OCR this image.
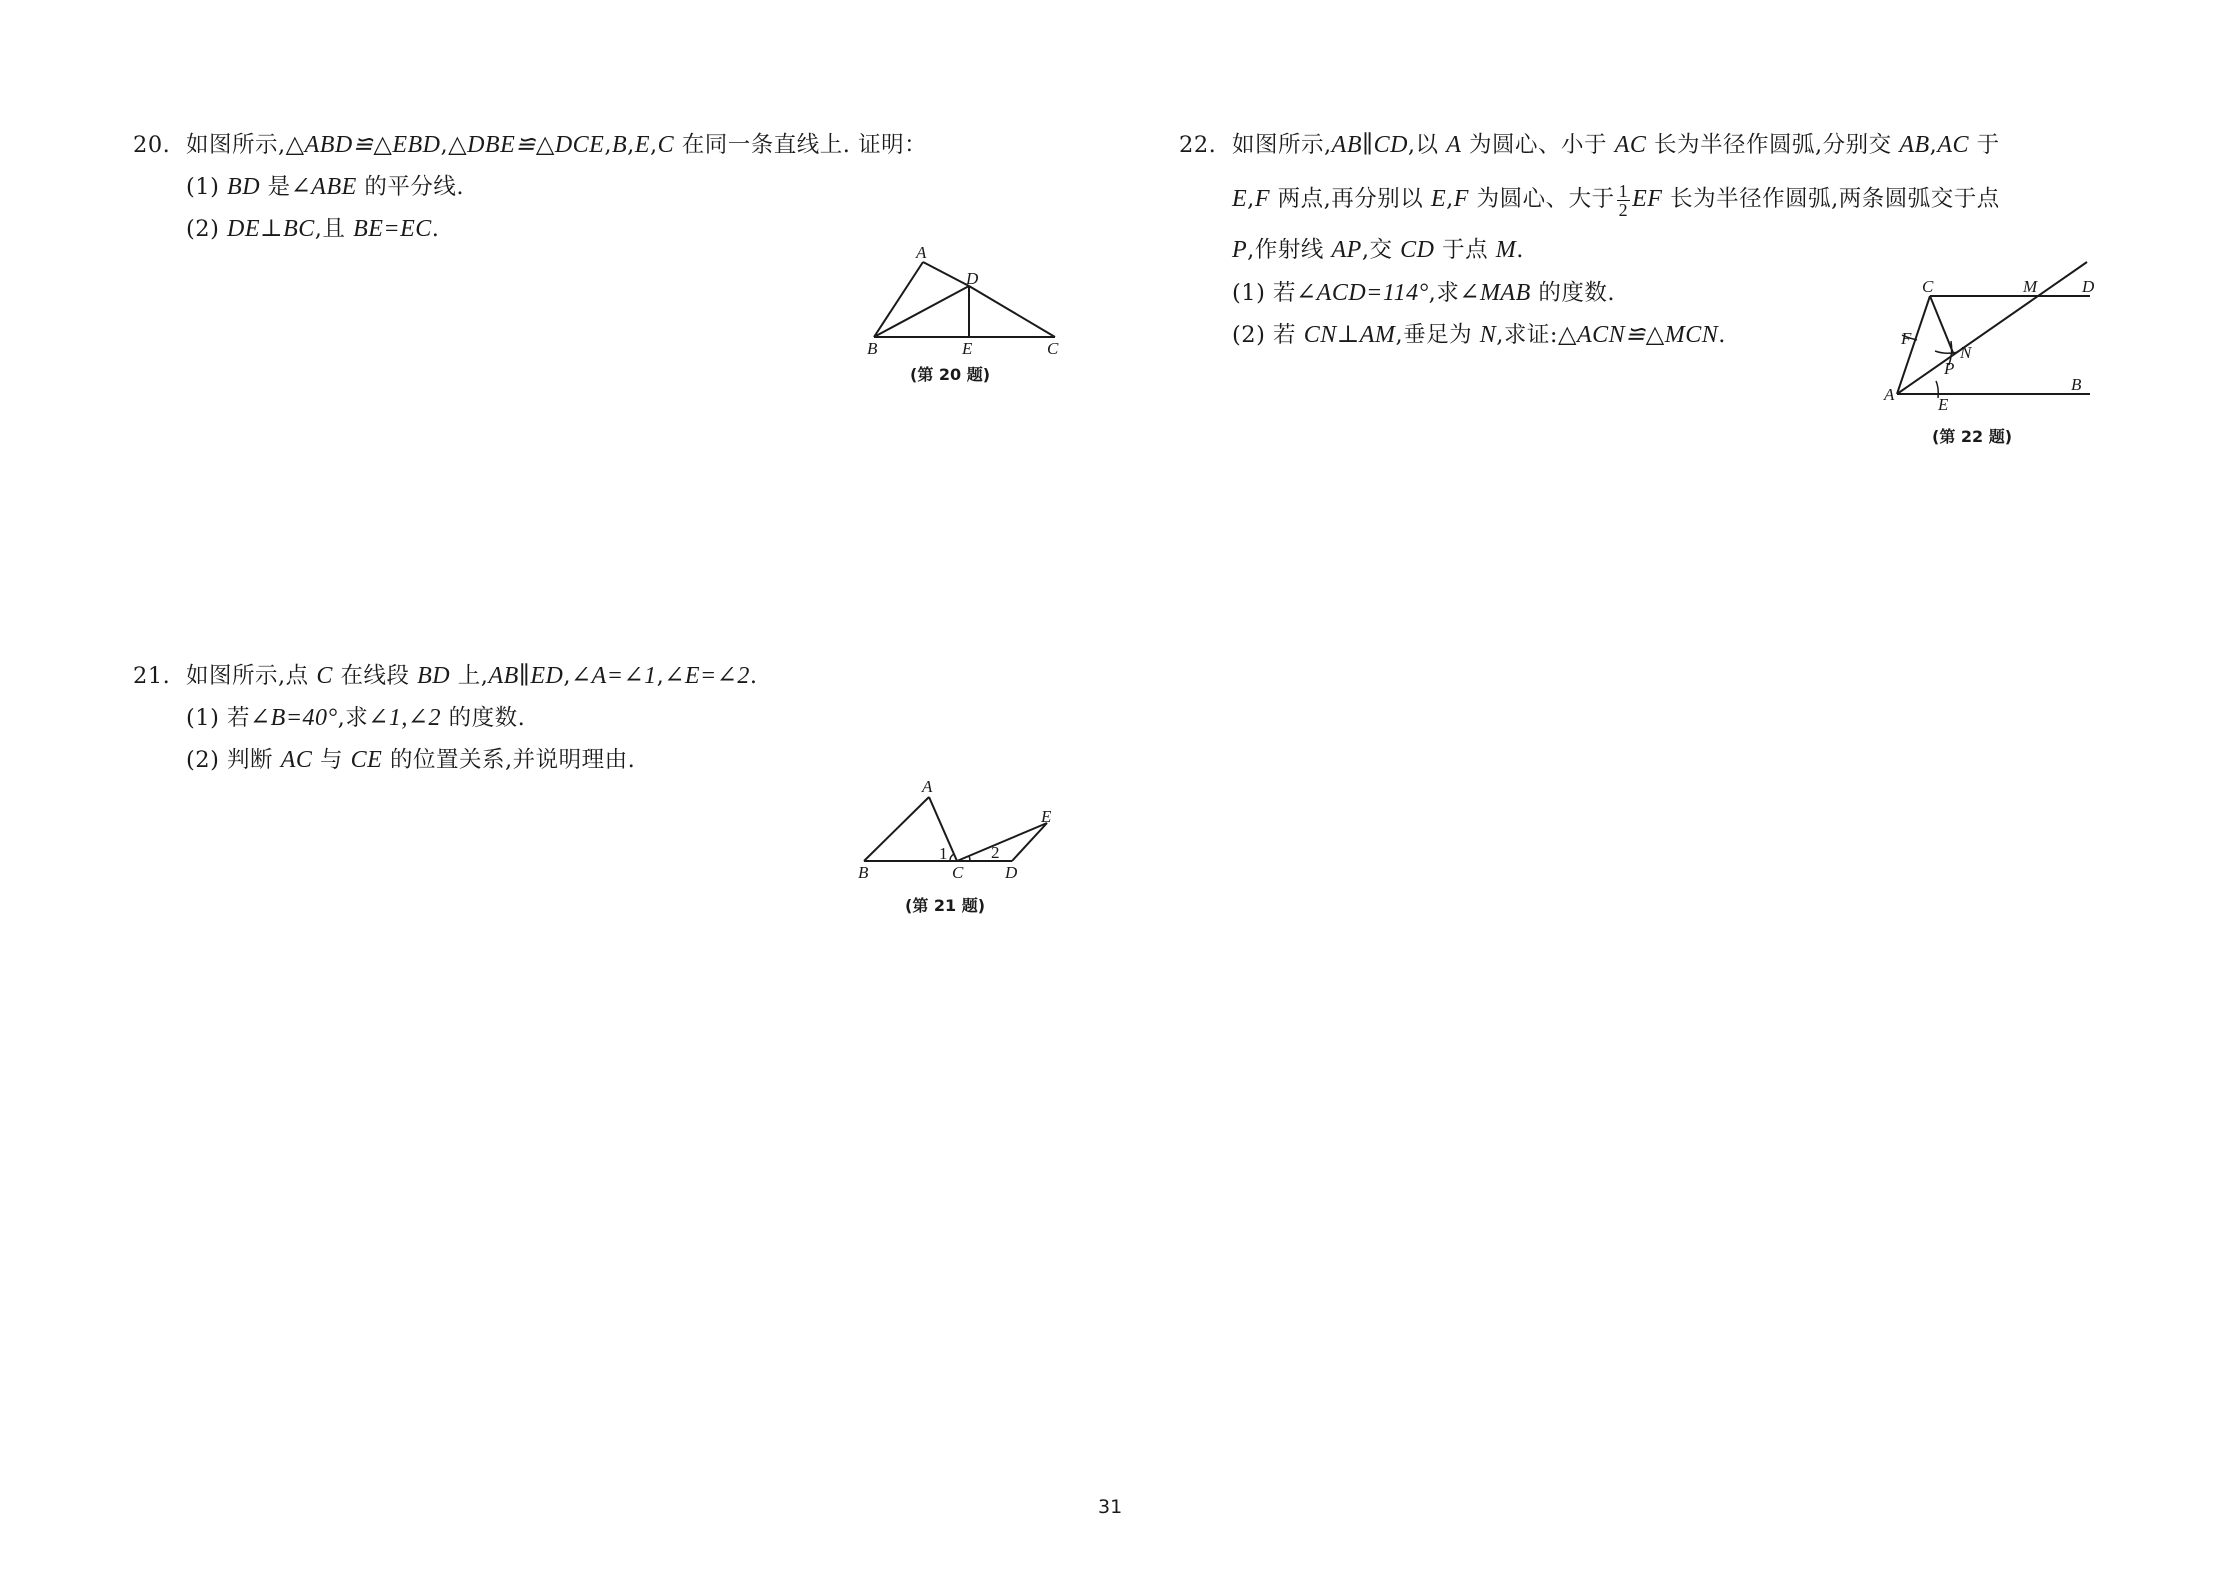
20. 如图所示,△ABD≌△EBD,△DBE≌△DCE,B,E,C 在同一条直线上. 证明：

(1) BD 是∠ABE 的平分线.

(2) DE⊥BC,且 BE=EC.

A
D
B	E	C
(第 20 题)

21. 如图所示,点 C 在线段 BD 上,AB∥ED,∠A=∠1,∠E=∠2.

(1) 若∠B=40°,求∠1,∠2 的度数.

(2) 判断 AC 与 CE 的位置关系,并说明理由.

A
E
B	C D
1	2
(第 21 题)

22. 如图所示,AB∥CD,以 A 为圆心、小于 AC 长为半径作圆弧,分别交 AB,AC 于

E,F 两点,再分别以 E,F 为圆心、大于 $\frac{1}{2}$ EF 长为半径作圆弧,两条圆弧交于点

P,作射线 AP,交 CD 于点 M.

(1) 若∠ACD=114°,求∠MAB 的度数.

(2) 若 CN⊥AM,垂足为 N,求证:△ACN≌△MCN.

C	M	D
F
N
P
A
E
B
(第 22 题)
31
